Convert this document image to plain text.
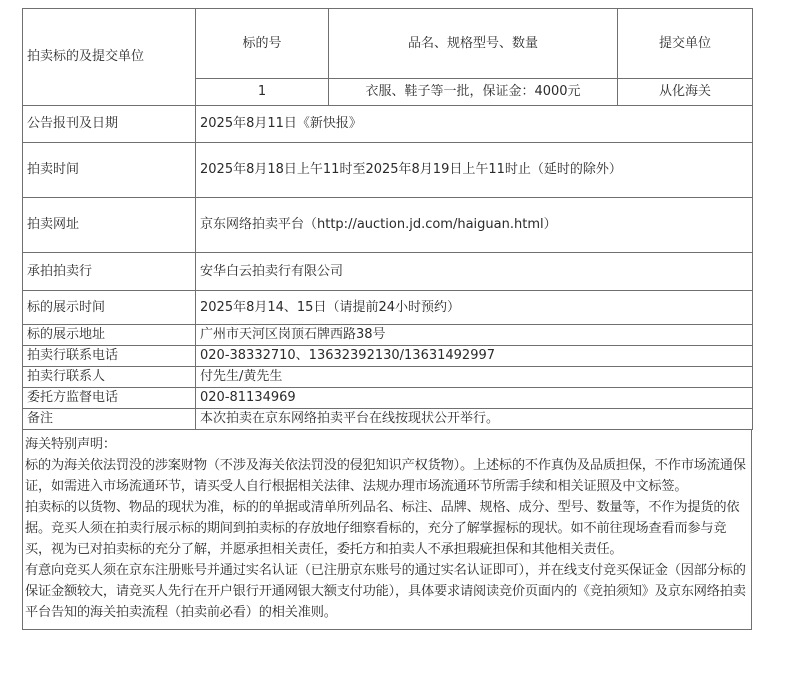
拍卖标的及提交单位	标的号	品名、规格型号、数量	提交单位
	1	衣服、鞋子等一批，保证金：4000元	从化海关
公告报刊及日期	2025年8月11日《新快报》		
拍卖时间	2025年8月18日上午11时至2025年8月19日上午11时止（延时的除外）		
拍卖网址	京东网络拍卖平台（http://auction.jd.com/haiguan.html）		
承拍拍卖行	安华白云拍卖行有限公司		
标的展示时间	2025年8月14、15日（请提前24小时预约）		
标的展示地址	广州市天河区岗顶石牌西路38号		
拍卖行联系电话	020-38332710、13632392130/13631492997		
拍卖行联系人	付先生/黄先生		
委托方监督电话	020-81134969		
备注	本次拍卖在京东网络拍卖平台在线按现状公开举行。		

海关特别声明：

标的为海关依法罚没的涉案财物（不涉及海关依法罚没的侵犯知识产权货物）。上述标的不作真伪及品质担保，不作市场流通保证，如需进入市场流通环节，请买受人自行根据相关法律、法规办理市场流通环节所需手续和相关证照及中文标签。

拍卖标的以货物、物品的现状为准，标的的单据或清单所列品名、标注、品牌、规格、成分、型号、数量等，不作为提货的依据。竞买人须在拍卖行展示标的期间到拍卖标的存放地仔细察看标的，充分了解掌握标的现状。如不前往现场查看而参与竞买，视为已对拍卖标的充分了解，并愿承担相关责任，委托方和拍卖人不承担瑕疵担保和其他相关责任。

有意向竞买人须在京东注册账号并通过实名认证（已注册京东账号的通过实名认证即可），并在线支付竞买保证金（因部分标的保证金额较大，请竞买人先行在开户银行开通网银大额支付功能），具体要求请阅读竞价页面内的《竞拍须知》及京东网络拍卖平台告知的海关拍卖流程（拍卖前必看）的相关准则。
